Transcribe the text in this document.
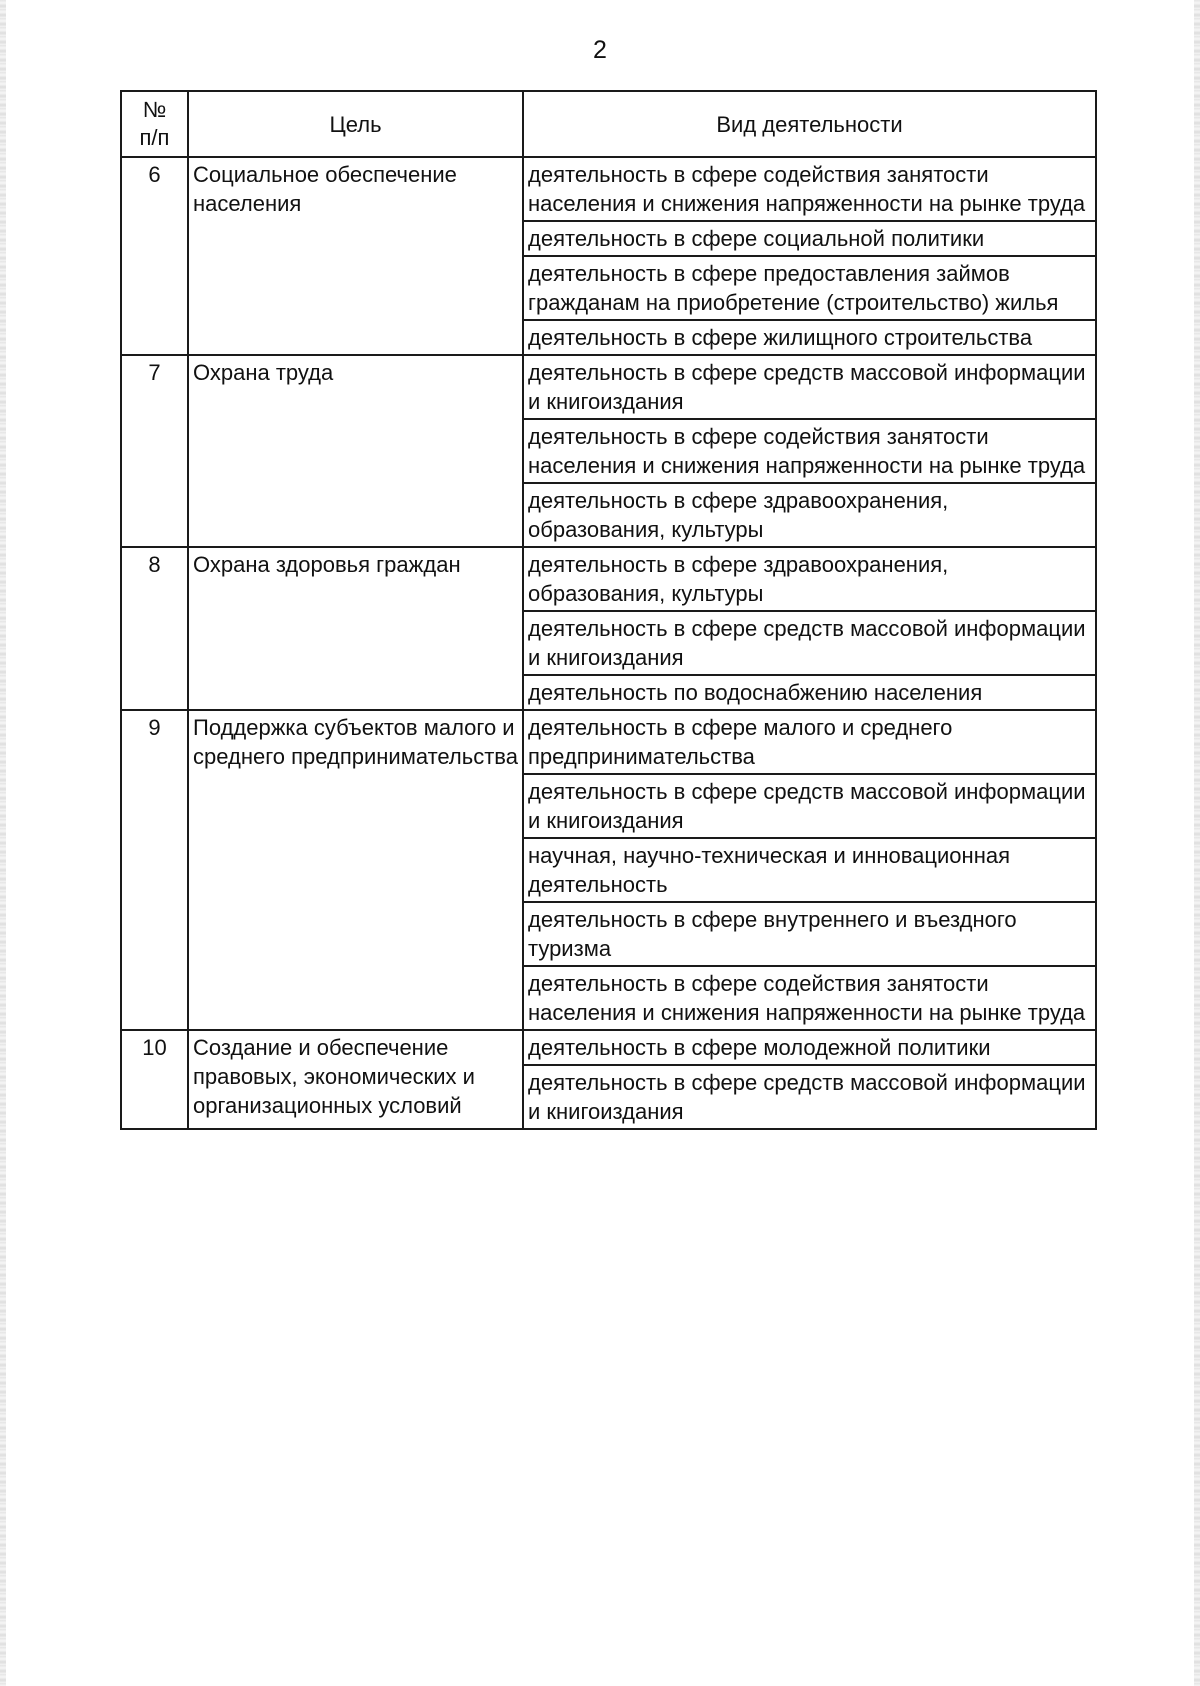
2
№
п/п	Цель	Вид деятельности
6	Социальное обеспечение населения	деятельность в сфере содействия занятости населения и снижения напряженности на рынке труда
		деятельность в сфере социальной политики
		деятельность в сфере предоставления займов гражданам на приобретение (строительство) жилья
		деятельность в сфере жилищного строительства
7	Охрана труда	деятельность в сфере средств массовой информации и книгоиздания
		деятельность в сфере содействия занятости населения и снижения напряженности на рынке труда
		деятельность в сфере здравоохранения, образования, культуры
8	Охрана здоровья граждан	деятельность в сфере здравоохранения, образования, культуры
		деятельность в сфере средств массовой информации и книгоиздания
		деятельность по водоснабжению населения
9	Поддержка субъектов малого и среднего предпринимательства	деятельность в сфере малого и среднего предпринимательства
		деятельность в сфере средств массовой информации и книгоиздания
		научная, научно-техническая и инновационная деятельность
		деятельность в сфере внутреннего и въездного туризма
		деятельность в сфере содействия занятости населения и снижения напряженности на рынке труда
10	Создание и обеспечение правовых, экономических и организационных условий	деятельность в сфере молодежной политики
		деятельность в сфере средств массовой информации и книгоиздания
